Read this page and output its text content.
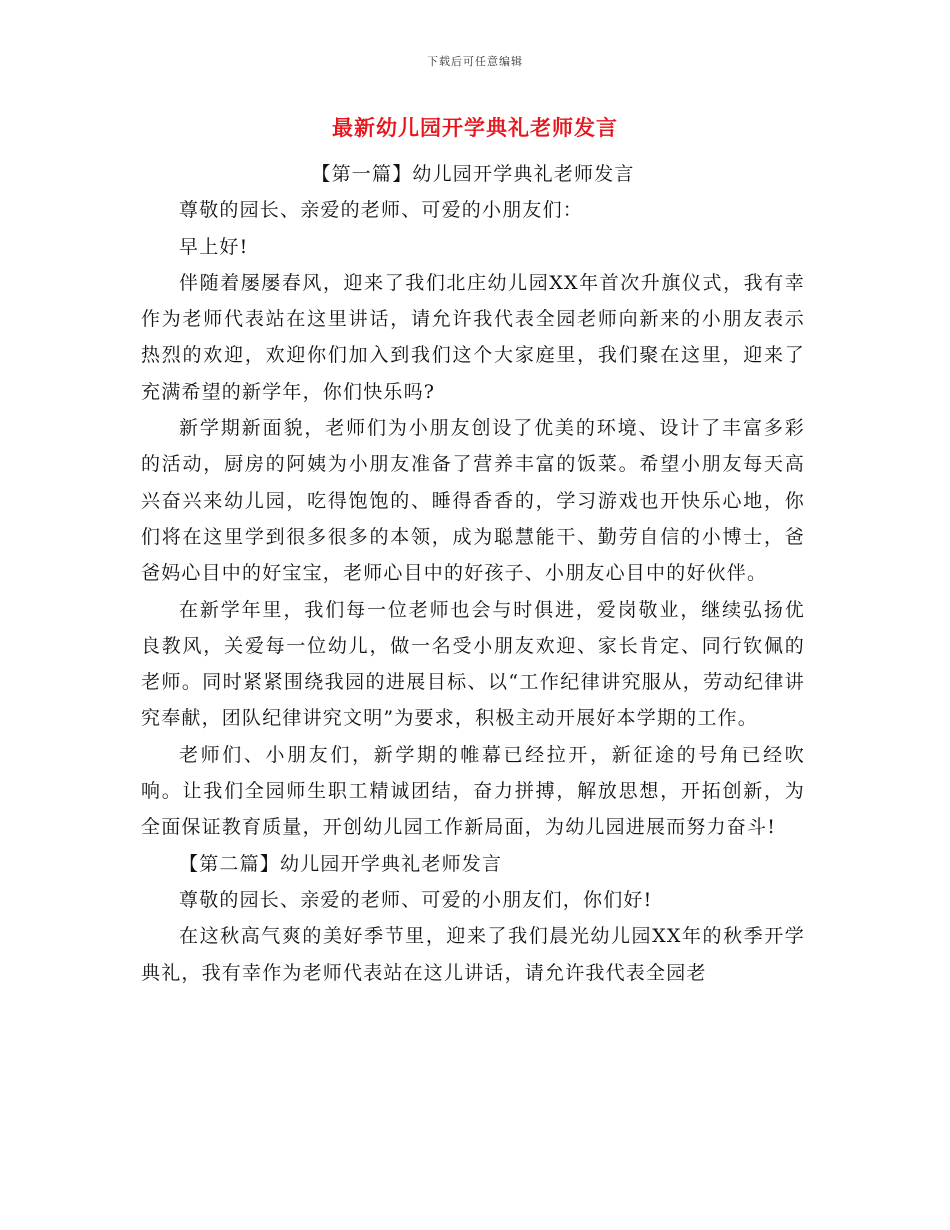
下载后可任意编辑
最新幼儿园开学典礼老师发言

【第一篇】幼儿园开学典礼老师发言

尊敬的园长、亲爱的老师、可爱的小朋友们：

早上好!

伴随着屡屡春风，迎来了我们北庄幼儿园XX年首次升旗仪式，我有幸作为老师代表站在这里讲话，请允许我代表全园老师向新来的小朋友表示热烈的欢迎，欢迎你们加入到我们这个大家庭里，我们聚在这里，迎来了充满希望的新学年，你们快乐吗?

新学期新面貌，老师们为小朋友创设了优美的环境、设计了丰富多彩的活动，厨房的阿姨为小朋友准备了营养丰富的饭菜。希望小朋友每天高兴奋兴来幼儿园，吃得饱饱的、睡得香香的，学习游戏也开快乐心地，你们将在这里学到很多很多的本领，成为聪慧能干、勤劳自信的小博士，爸爸妈心目中的好宝宝，老师心目中的好孩子、小朋友心目中的好伙伴。

在新学年里，我们每一位老师也会与时俱进，爱岗敬业，继续弘扬优良教风，关爱每一位幼儿，做一名受小朋友欢迎、家长肯定、同行钦佩的老师。同时紧紧围绕我园的进展目标、以“工作纪律讲究服从，劳动纪律讲究奉献，团队纪律讲究文明”为要求，积极主动开展好本学期的工作。

老师们、小朋友们，新学期的帷幕已经拉开，新征途的号角已经吹响。让我们全园师生职工精诚团结，奋力拼搏，解放思想，开拓创新，为全面保证教育质量，开创幼儿园工作新局面，为幼儿园进展而努力奋斗!

【第二篇】幼儿园开学典礼老师发言

尊敬的园长、亲爱的老师、可爱的小朋友们，你们好!

在这秋高气爽的美好季节里，迎来了我们晨光幼儿园XX年的秋季开学典礼，我有幸作为老师代表站在这儿讲话，请允许我代表全园老
